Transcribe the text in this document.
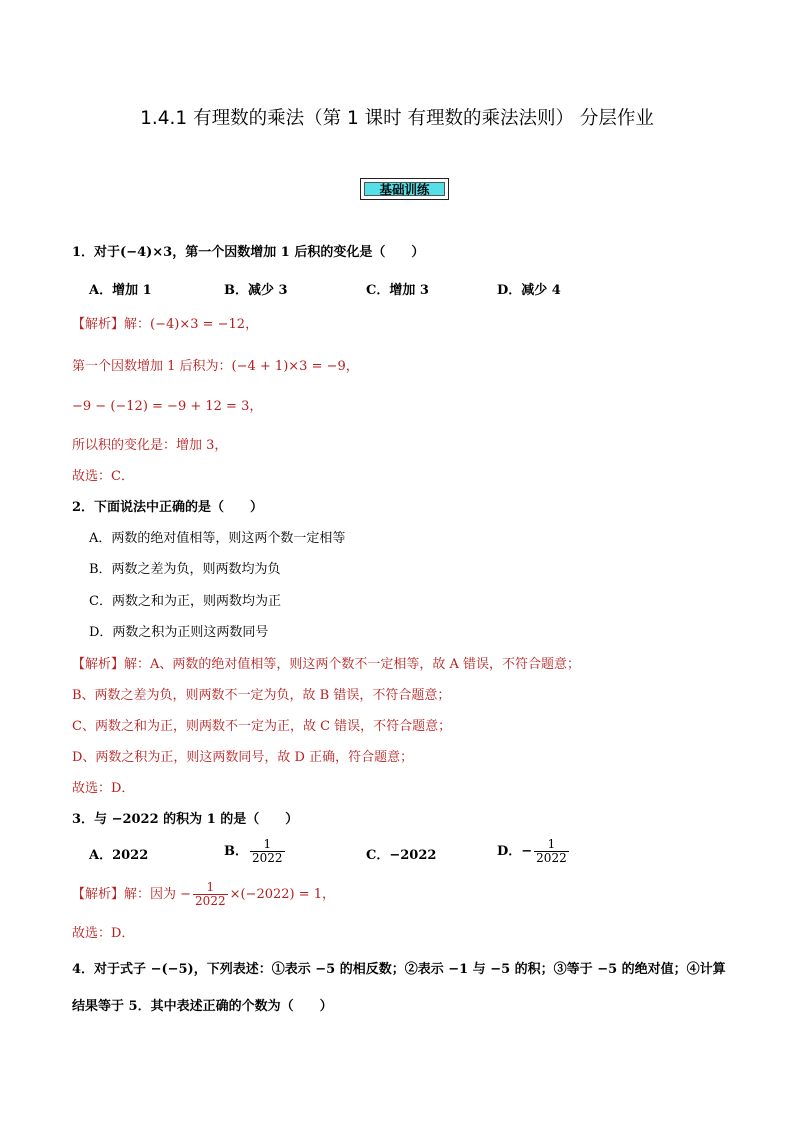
1.4.1 有理数的乘法（第 1 课时 有理数的乘法法则） 分层作业
基础训练
1．对于(−4)×3，第一个因数增加 1 后积的变化是（　　）
A．增加 1	B．减少 3	C．增加 3	D．减少 4
【解析】解：(−4)×3 = −12，
第一个因数增加 1 后积为：(−4 + 1)×3 = −9，
−9 − (−12) = −9 + 12 = 3，
所以积的变化是：增加 3，
故选：C．
2．下面说法中正确的是（　　）
A．两数的绝对值相等，则这两个数一定相等
B．两数之差为负，则两数均为负
C．两数之和为正，则两数均为正
D．两数之积为正则这两数同号
【解析】解：A、两数的绝对值相等，则这两个数不一定相等，故 A 错误，不符合题意；
B、两数之差为负，则两数不一定为负，故 B 错误，不符合题意；
C、两数之和为正，则两数不一定为正，故 C 错误，不符合题意；
D、两数之积为正，则这两数同号，故 D 正确，符合题意；
故选：D．
3．与 −2022 的积为 1 的是（　　）
A．2022	B． $\frac{1}{2022}$	C．−2022	D．− $\frac{1}{2022}$
【解析】解：因为 − $\frac{1}{2022} \times(-2022) = 1$，
故选：D．
4．对于式子 −(−5)，下列表述：①表示 −5 的相反数；②表示 −1 与 −5 的积；③等于 −5 的绝对值；④计算
结果等于 5．其中表述正确的个数为（　　）
